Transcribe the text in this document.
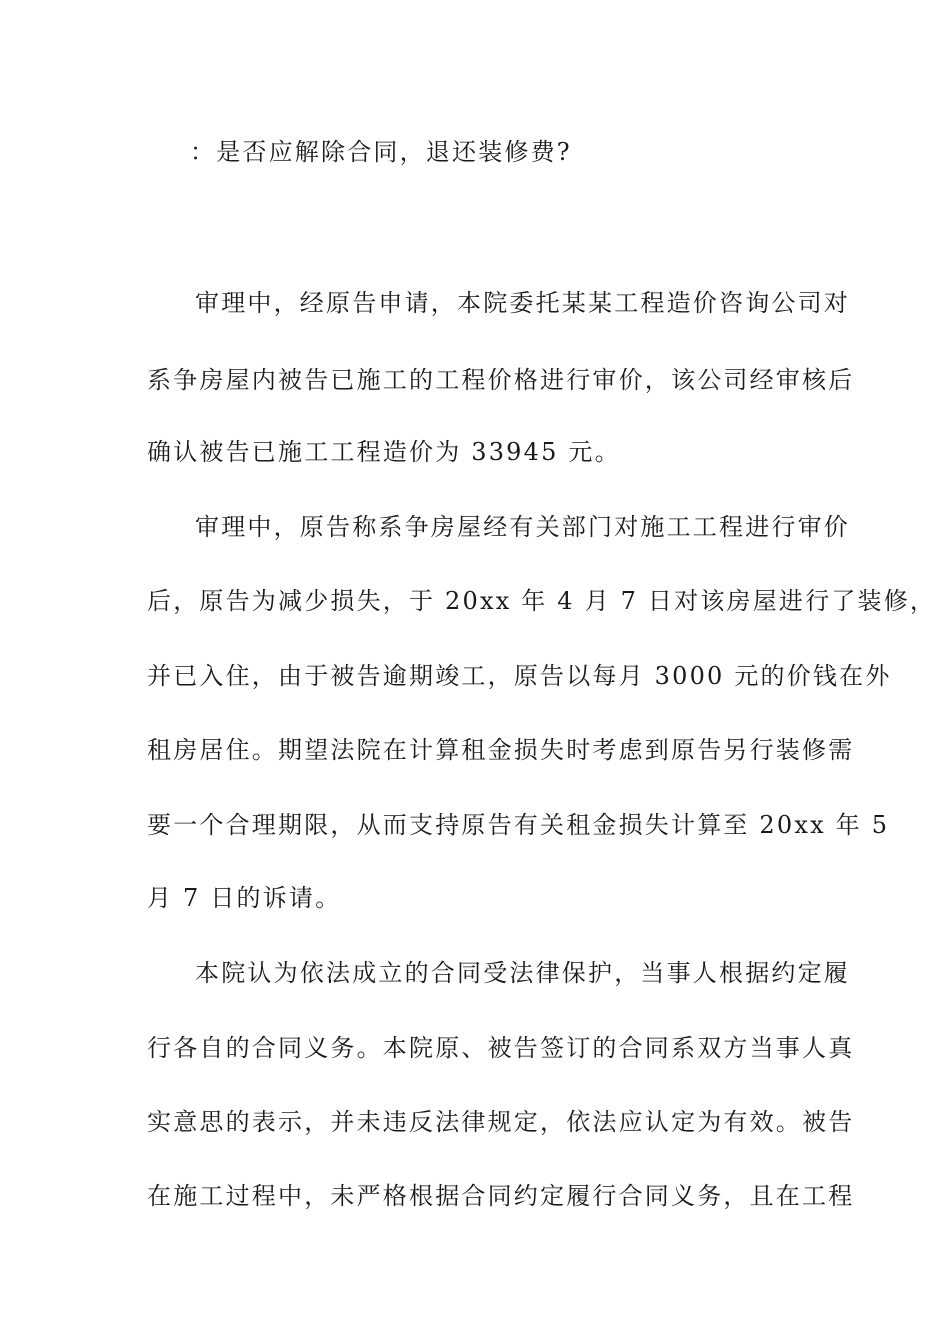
：是否应解除合同，退还装修费?
审理中，经原告申请，本院委托某某工程造价咨询公司对
系争房屋内被告已施工的工程价格进行审价，该公司经审核后
确认被告已施工工程造价为 33945 元。
审理中，原告称系争房屋经有关部门对施工工程进行审价
后，原告为减少损失，于 20xx 年 4 月 7 日对该房屋进行了装修，
并已入住，由于被告逾期竣工，原告以每月 3000 元的价钱在外
租房居住。期望法院在计算租金损失时考虑到原告另行装修需
要一个合理期限，从而支持原告有关租金损失计算至 20xx 年 5
月 7 日的诉请。
本院认为依法成立的合同受法律保护，当事人根据约定履
行各自的合同义务。本院原、被告签订的合同系双方当事人真
实意思的表示，并未违反法律规定，依法应认定为有效。被告
在施工过程中，未严格根据合同约定履行合同义务，且在工程
